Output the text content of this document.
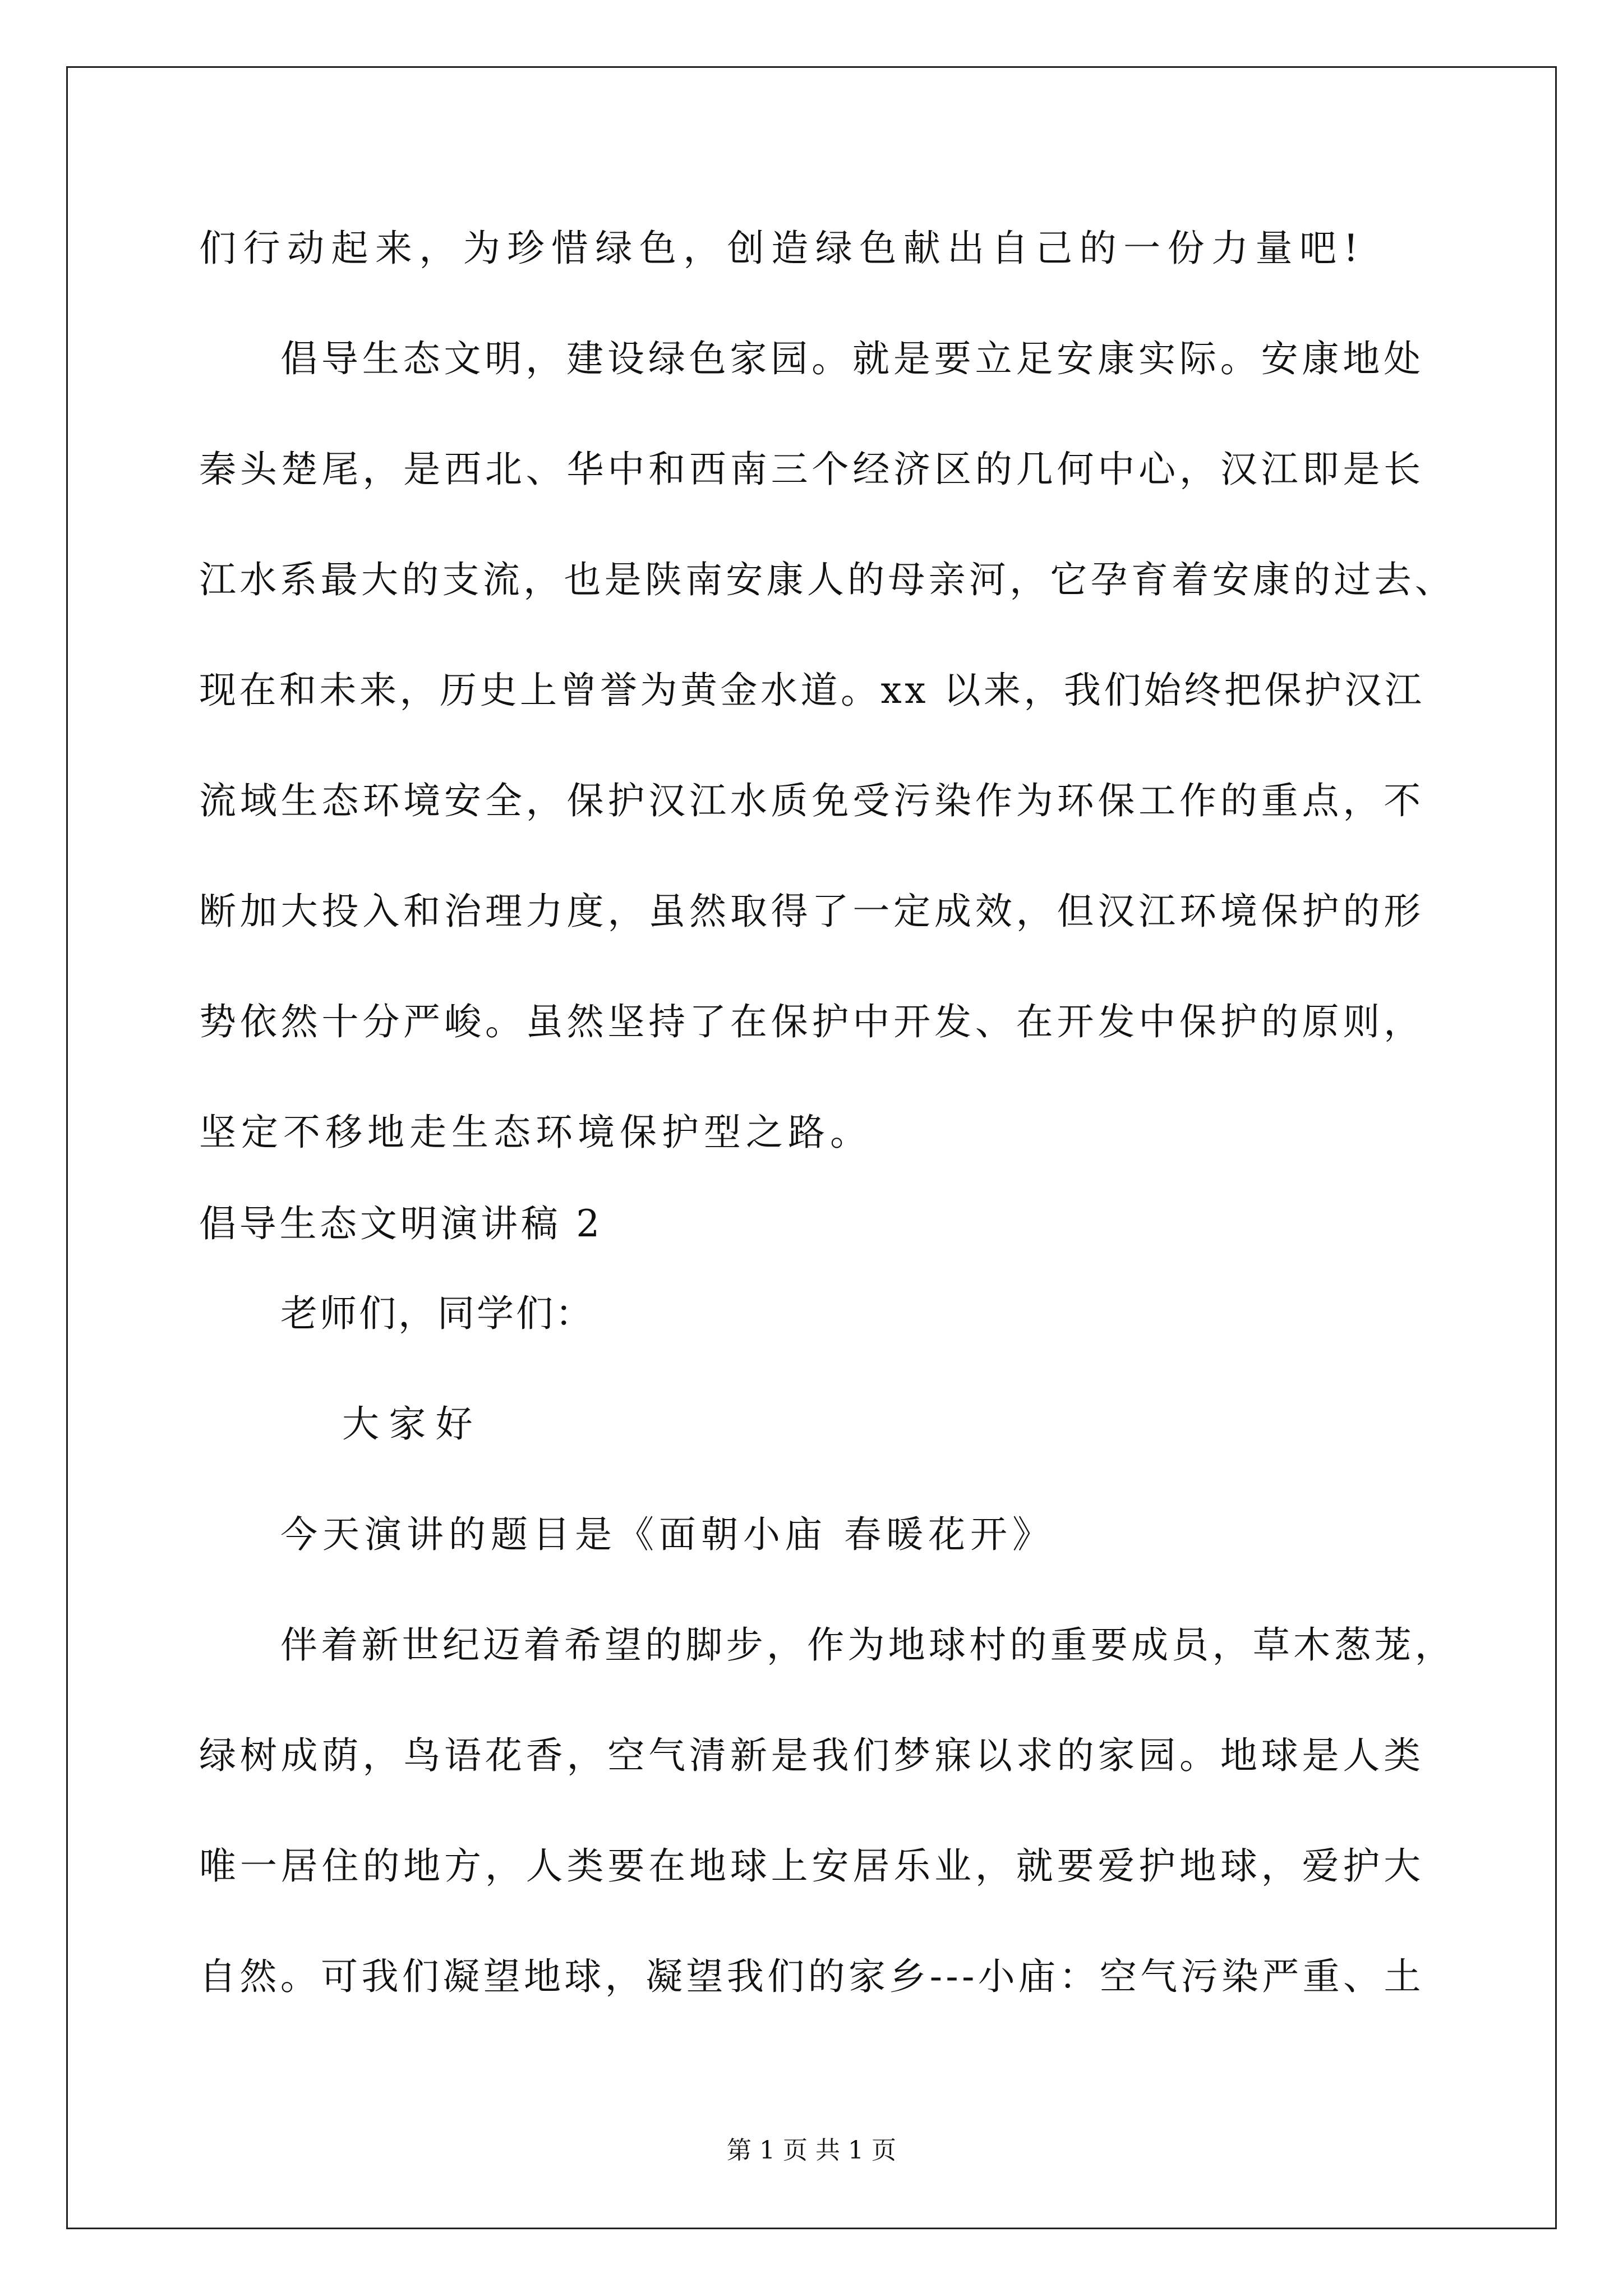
们行动起来，为珍惜绿色，创造绿色献出自己的一份力量吧!
倡导生态文明，建设绿色家园。就是要立足安康实际。安康地处
秦头楚尾，是西北、华中和西南三个经济区的几何中心，汉江即是长
江水系最大的支流，也是陕南安康人的母亲河，它孕育着安康的过去、
现在和未来，历史上曾誉为黄金水道。xx 以来，我们始终把保护汉江
流域生态环境安全，保护汉江水质免受污染作为环保工作的重点，不
断加大投入和治理力度，虽然取得了一定成效，但汉江环境保护的形
势依然十分严峻。虽然坚持了在保护中开发、在开发中保护的原则，
坚定不移地走生态环境保护型之路。
倡导生态文明演讲稿 2
老师们，同学们：
大家好
今天演讲的题目是《面朝小庙 春暖花开》
伴着新世纪迈着希望的脚步，作为地球村的重要成员，草木葱茏，
绿树成荫，鸟语花香，空气清新是我们梦寐以求的家园。地球是人类
唯一居住的地方，人类要在地球上安居乐业，就要爱护地球，爱护大
自然。可我们凝望地球，凝望我们的家乡---小庙：空气污染严重、土
第 1 页 共 1 页
